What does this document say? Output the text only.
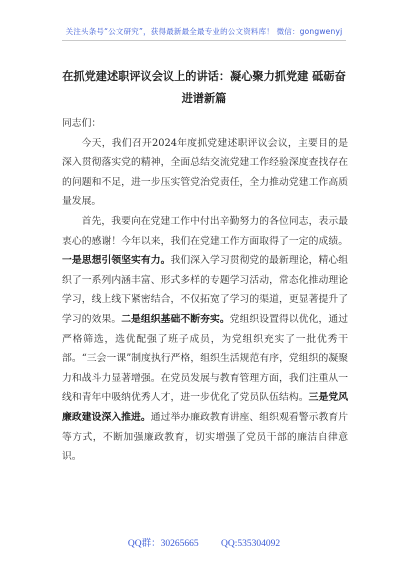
关注头条号“公文研究”，获得最新最全最专业的公文资料库！ 微信：gongwenyj
在抓党建述职评议会议上的讲话：凝心聚力抓党建 砥砺奋进谱新篇

同志们：

今天，我们召开2024年度抓党建述职评议会议，主要目的是深入贯彻落实党的精神，全面总结交流党建工作经验深度查找存在的问题和不足，进一步压实管党治党责任，全力推动党建工作高质量发展。

首先，我要向在党建工作中付出辛勤努力的各位同志，表示最衷心的感谢！今年以来，我们在党建工作方面取得了一定的成绩。一是思想引领坚实有力。我们深入学习贯彻党的最新理论，精心组织了一系列内涵丰富、形式多样的专题学习活动，常态化推动理论学习，线上线下紧密结合，不仅拓宽了学习的渠道，更显著提升了学习的效果。二是组织基础不断夯实。党组织设置得以优化，通过严格筛选，选优配强了班子成员，为党组织充实了一批优秀干部。“三会一课”制度执行严格，组织生活规范有序，党组织的凝聚力和战斗力显著增强。在党员发展与教育管理方面，我们注重从一线和青年中吸纳优秀人才，进一步优化了党员队伍结构。三是党风廉政建设深入推进。通过举办廉政教育讲座、组织观看警示教育片等方式，不断加强廉政教育，切实增强了党员干部的廉洁自律意识。

QQ群：30265665 QQ:535304092
